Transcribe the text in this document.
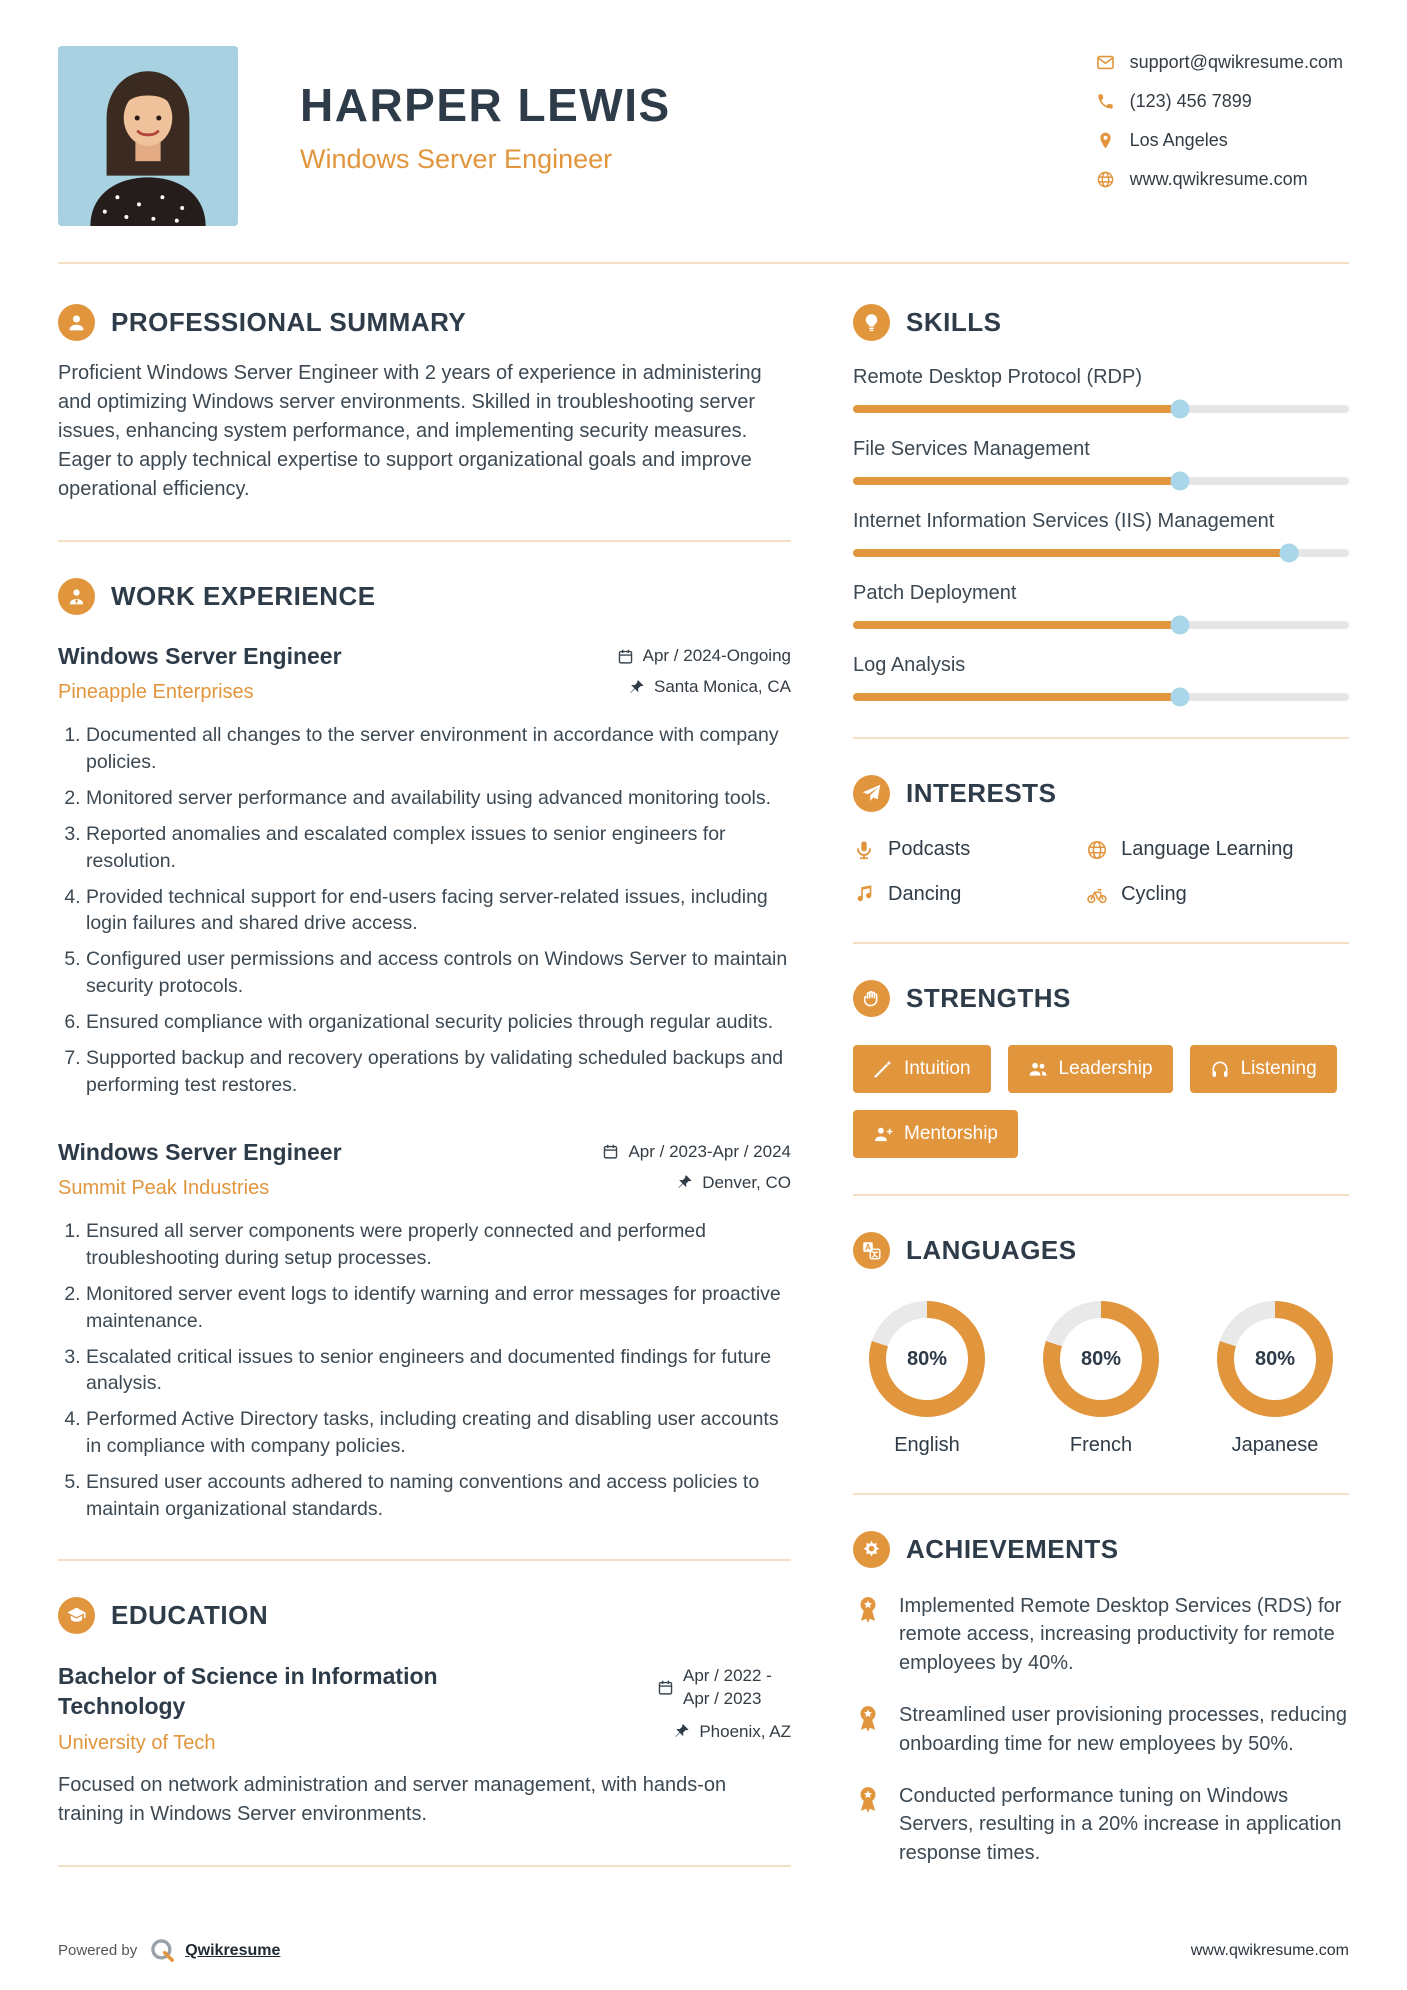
HARPER LEWIS
Windows Server Engineer
support@qwikresume.com
(123) 456 7899
Los Angeles
www.qwikresume.com
PROFESSIONAL SUMMARY

Proficient Windows Server Engineer with 2 years of experience in administering and optimizing Windows server environments. Skilled in troubleshooting server issues, enhancing system performance, and implementing security measures. Eager to apply technical expertise to support organizational goals and improve operational efficiency.

WORK EXPERIENCE
Windows Server Engineer
Pineapple Enterprises
Apr / 2024-Ongoing
Santa Monica, CA
1. Documented all changes to the server environment in accordance with company policies.
2. Monitored server performance and availability using advanced monitoring tools.
3. Reported anomalies and escalated complex issues to senior engineers for resolution.
4. Provided technical support for end-users facing server-related issues, including login failures and shared drive access.
5. Configured user permissions and access controls on Windows Server to maintain security protocols.
6. Ensured compliance with organizational security policies through regular audits.
7. Supported backup and recovery operations by validating scheduled backups and performing test restores.
Windows Server Engineer
Summit Peak Industries
Apr / 2023-Apr / 2024
Denver, CO
1. Ensured all server components were properly connected and performed troubleshooting during setup processes.
2. Monitored server event logs to identify warning and error messages for proactive maintenance.
3. Escalated critical issues to senior engineers and documented findings for future analysis.
4. Performed Active Directory tasks, including creating and disabling user accounts in compliance with company policies.
5. Ensured user accounts adhered to naming conventions and access policies to maintain organizational standards.
EDUCATION
Bachelor of Science in Information Technology
University of Tech
Apr / 2022 - Apr / 2023
Phoenix, AZ

Focused on network administration and server management, with hands-on training in Windows Server environments.

SKILLS
Remote Desktop Protocol (RDP)
File Services Management
Internet Information Services (IIS) Management
Patch Deployment
Log Analysis
INTERESTS
Podcasts	Language Learning
Dancing	Cycling
STRENGTHS
Intuition	Leadership	Listening
Mentorship
A LANGUAGES
80%
English
80%
French
80%
Japanese
ACHIEVEMENTS

Implemented Remote Desktop Services (RDS) for remote access, increasing productivity for remote employees by 40%.

Streamlined user provisioning processes, reducing onboarding time for new employees by 50%.

Conducted performance tuning on Windows Servers, resulting in a 20% increase in application response times.

Powered by	Qwikresume	www.qwikresume.com
